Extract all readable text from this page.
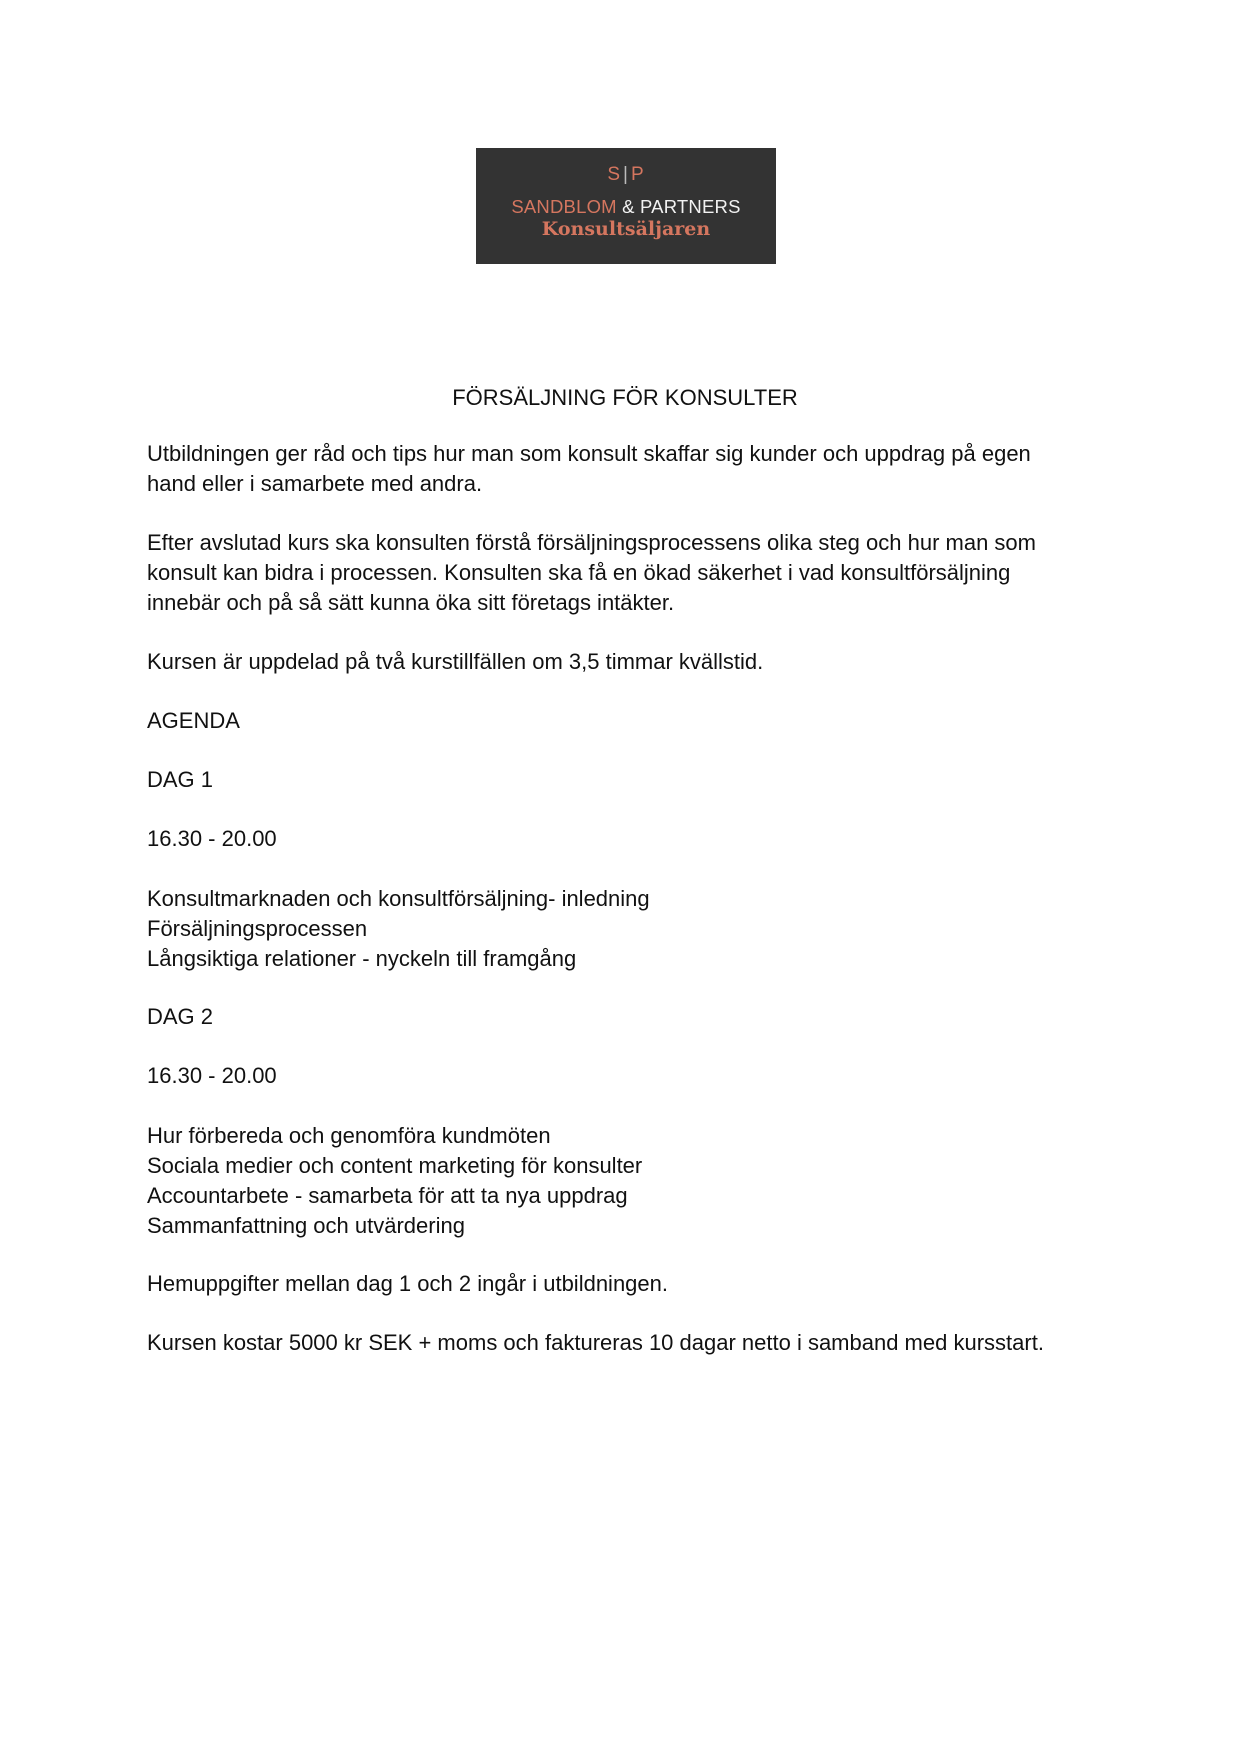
S | P
SANDBLOM & PARTNERS
Konsultsäljaren
FÖRSÄLJNING FÖR KONSULTER
Utbildningen ger råd och tips hur man som konsult skaffar sig kunder och uppdrag på egen
hand eller i samarbete med andra.
Efter avslutad kurs ska konsulten förstå försäljningsprocessens olika steg och hur man som
konsult kan bidra i processen. Konsulten ska få en ökad säkerhet i vad konsultförsäljning
innebär och på så sätt kunna öka sitt företags intäkter.
Kursen är uppdelad på två kurstillfällen om 3,5 timmar kvällstid.
AGENDA
DAG 1
16.30 - 20.00
Konsultmarknaden och konsultförsäljning- inledning
Försäljningsprocessen
Långsiktiga relationer - nyckeln till framgång
DAG 2
16.30 - 20.00
Hur förbereda och genomföra kundmöten
Sociala medier och content marketing för konsulter
Accountarbete - samarbeta för att ta nya uppdrag
Sammanfattning och utvärdering
Hemuppgifter mellan dag 1 och 2 ingår i utbildningen.
Kursen kostar 5000 kr SEK + moms och faktureras 10 dagar netto i samband med kursstart.
